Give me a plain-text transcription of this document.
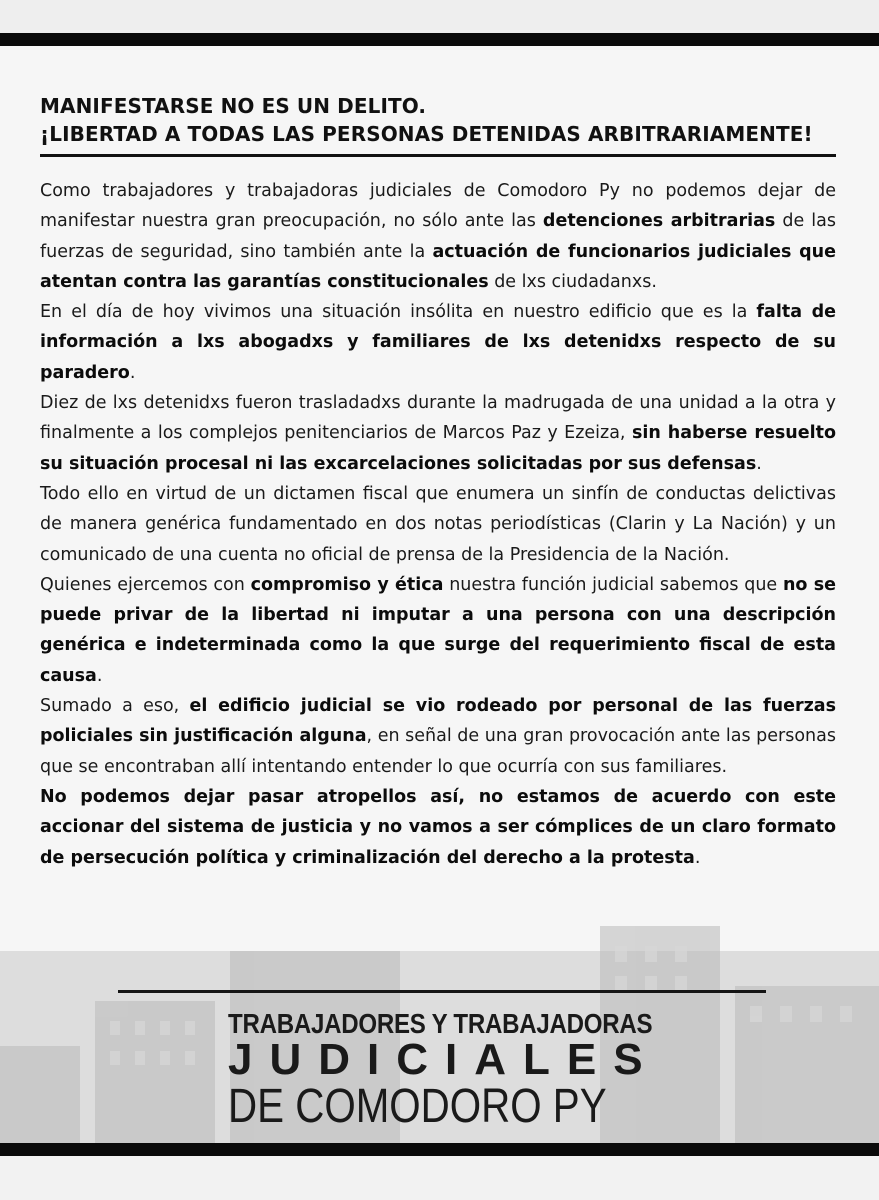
MANIFESTARSE NO ES UN DELITO.
¡LIBERTAD A TODAS LAS PERSONAS DETENIDAS ARBITRARIAMENTE!

Como trabajadores y trabajadoras judiciales de Comodoro Py no podemos dejar de manifestar nuestra gran preocupación, no sólo ante las detenciones arbitrarias de las fuerzas de seguridad, sino también ante la actuación de funcionarios judiciales que atentan contra las garantías constitucionales de lxs ciudadanxs.

En el día de hoy vivimos una situación insólita en nuestro edificio que es la falta de información a lxs abogadxs y familiares de lxs detenidxs respecto de su paradero.

Diez de lxs detenidxs fueron trasladadxs durante la madrugada de una unidad a la otra y finalmente a los complejos penitenciarios de Marcos Paz y Ezeiza, sin haberse resuelto su situación procesal ni las excarcelaciones solicitadas por sus defensas.

Todo ello en virtud de un dictamen fiscal que enumera un sinfín de conductas delictivas de manera genérica fundamentado en dos notas periodísticas (Clarin y La Nación) y un comunicado de una cuenta no oficial de prensa de la Presidencia de la Nación.

Quienes ejercemos con compromiso y ética nuestra función judicial sabemos que no se puede privar de la libertad ni imputar a una persona con una descripción genérica e indeterminada como la que surge del requerimiento fiscal de esta causa.

Sumado a eso, el edificio judicial se vio rodeado por personal de las fuerzas policiales sin justificación alguna, en señal de una gran provocación ante las personas que se encontraban allí intentando entender lo que ocurría con sus familiares.

No podemos dejar pasar atropellos así, no estamos de acuerdo con este accionar del sistema de justicia y no vamos a ser cómplices de un claro formato de persecución política y criminalización del derecho a la protesta.

TRABAJADORES Y TRABAJADORAS
JUDICIALES
DE COMODORO PY
